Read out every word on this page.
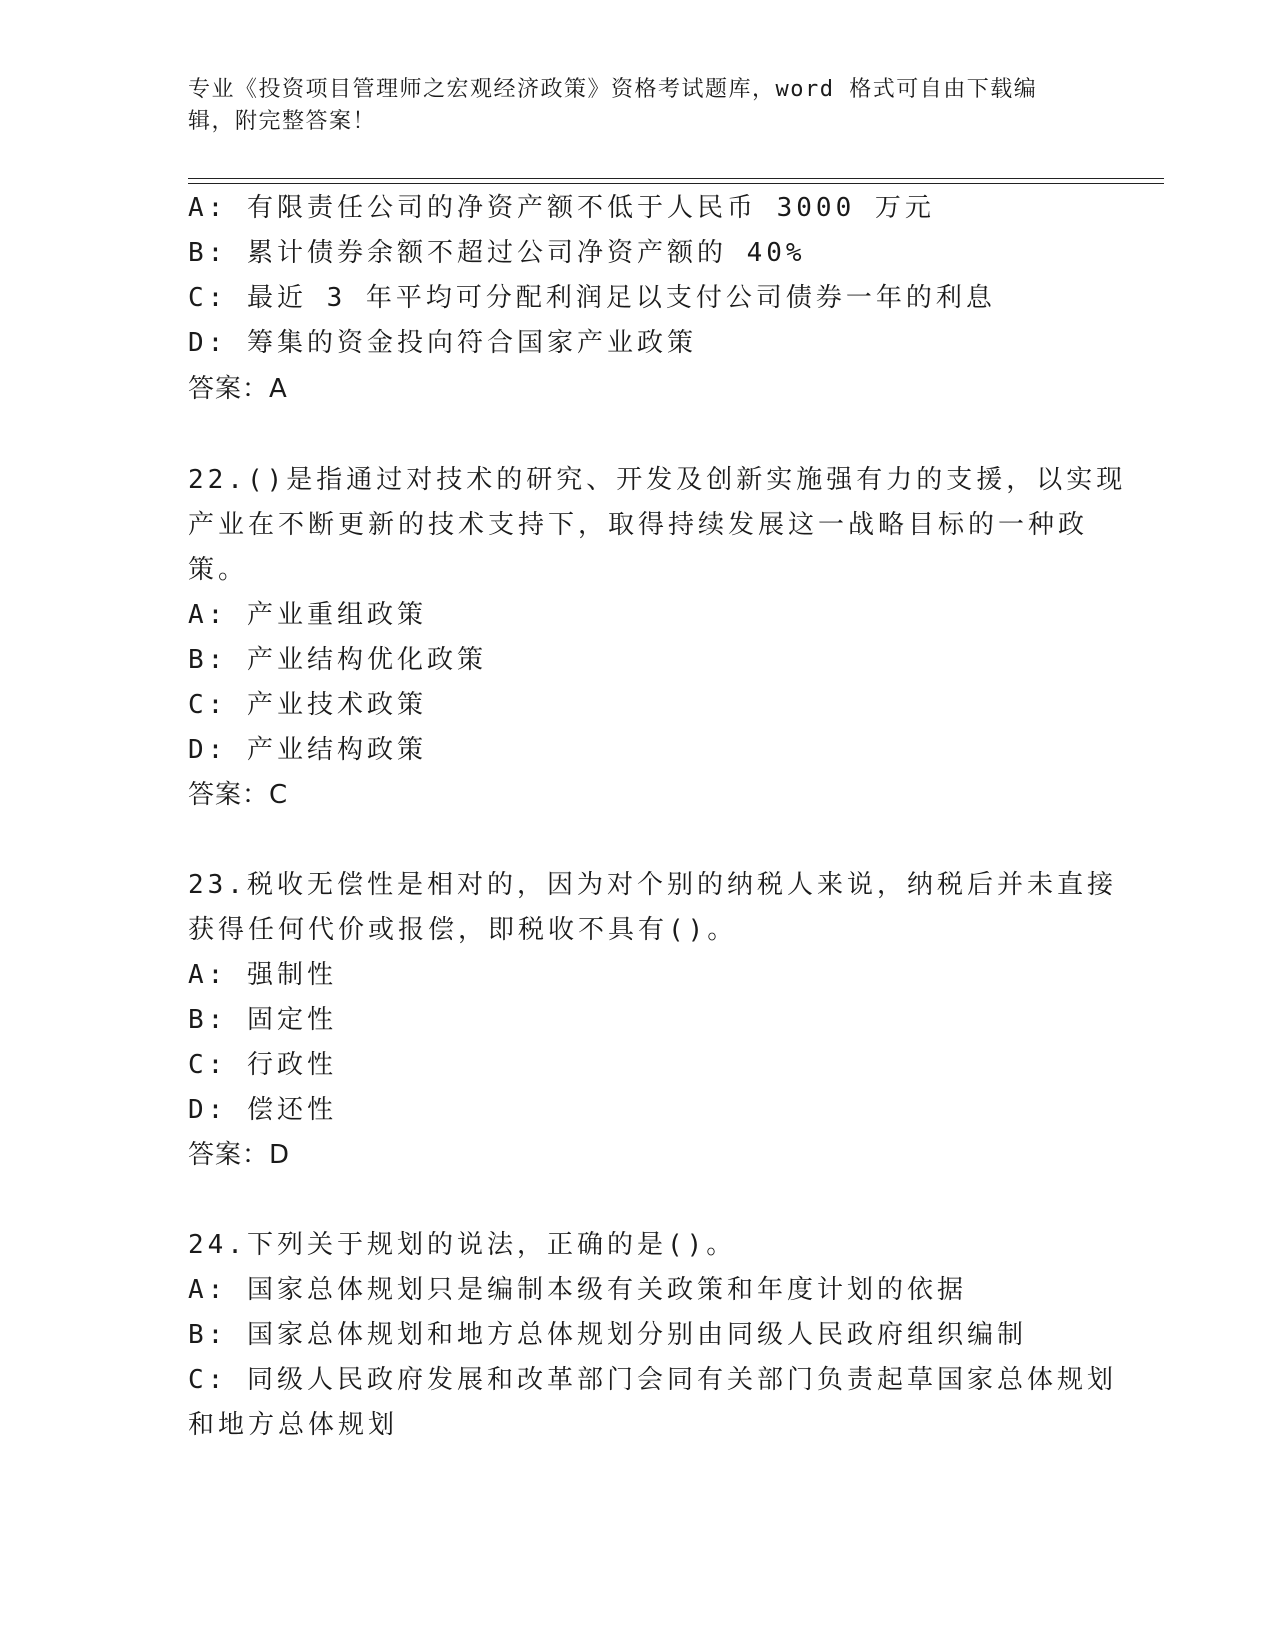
专业《投资项目管理师之宏观经济政策》资格考试题库，word 格式可自由下载编
辑，附完整答案！
A: 有限责任公司的净资产额不低于人民币 3000 万元
B: 累计债券余额不超过公司净资产额的 40%
C: 最近 3 年平均可分配利润足以支付公司债券一年的利息
D: 筹集的资金投向符合国家产业政策
答案：A
22.()是指通过对技术的研究、开发及创新实施强有力的支援，以实现
产业在不断更新的技术支持下，取得持续发展这一战略目标的一种政
策。
A: 产业重组政策
B: 产业结构优化政策
C: 产业技术政策
D: 产业结构政策
答案：C
23.税收无偿性是相对的，因为对个别的纳税人来说，纳税后并未直接
获得任何代价或报偿，即税收不具有()。
A: 强制性
B: 固定性
C: 行政性
D: 偿还性
答案：D
24.下列关于规划的说法，正确的是()。
A: 国家总体规划只是编制本级有关政策和年度计划的依据
B: 国家总体规划和地方总体规划分别由同级人民政府组织编制
C: 同级人民政府发展和改革部门会同有关部门负责起草国家总体规划
和地方总体规划
